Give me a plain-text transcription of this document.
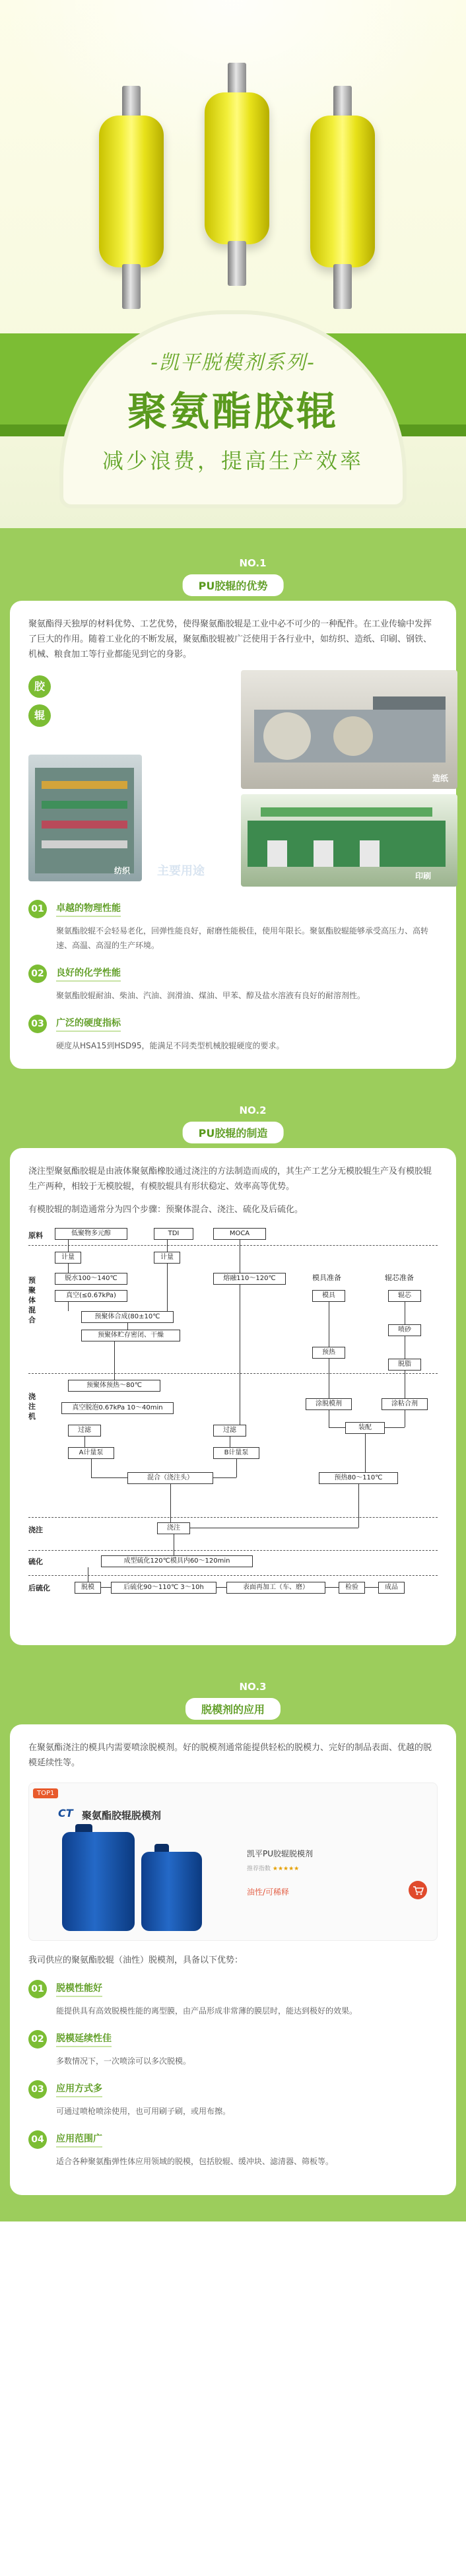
-凯平脱模剂系列-
聚氨酯胶辊
减少浪费，提高生产效率
NO.1
PU胶辊的优势
聚氨酯得天独厚的材料优势、工艺优势，使得聚氨酯胶辊是工业中必不可少的一种配件。在工业传输中发挥了巨大的作用。随着工业化的不断发展，聚氨酯胶辊被广泛使用于各行业中，如纺织、造纸、印刷、钢铁、机械、粮食加工等行业都能见到它的身影。
胶
辊
纺织
造纸
印刷
主要用途
01	卓越的物理性能
聚氨酯胶辊不会轻易老化，回弹性能良好，耐磨性能极佳，使用年限长。聚氨酯胶辊能够承受高压力、高转速、高温、高湿的生产环境。
02	良好的化学性能
聚氨酯胶辊耐油、柴油、汽油、润滑油、煤油、甲苯、醇及盐水溶液有良好的耐溶剂性。
03	广泛的硬度指标
硬度从HSA15到HSD95，能满足不同类型机械胶辊硬度的要求。
NO.2
PU胶辊的制造
浇注型聚氨酯胶辊是由液体聚氨酯橡胶通过浇注的方法制造而成的，其生产工艺分无模胶辊生产及有模胶辊生产两种，相较于无模胶辊，有模胶辊具有形状稳定、效率高等优势。
有模胶辊的制造通常分为四个步骤：预聚体混合、浇注、硫化及后硫化。
原料
预聚体混合
浇注机
浇注
硫化
后硫化
低聚物多元醇	TDI	MOCA
计量	计量
脱水100～140℃
真空(≤0.67kPa)
预聚体合成(80±10℃
预聚体贮存密闭、干燥
熔融110～120℃	模具准备	辊芯准备
模具
预热
涂脱模剂
辊芯
喷砂
脱脂
涂粘合剂
装配
预热80～110℃
预聚体预热～80℃
真空脱泡0.67kPa 10～40min
过滤
A计量泵
过滤
B计量泵
混合（浇注头）
浇注
成型硫化120℃模具内60～120min
脱模	后硫化90～110℃ 3～10h	表面再加工（车、磨）	检验	成品
NO.3
脱模剂的应用
在聚氨酯浇注的模具内需要喷涂脱模剂。好的脱模剂通常能提供轻松的脱模力、完好的制品表面、优越的脱模延续性等。
TOP1
CT 聚氨酯胶辊脱模剂
凯平PU胶辊脱模剂
推荐指数 ★★★★★
油性/可稀释
我司供应的聚氨酯胶辊（油性）脱模剂，具备以下优势：
01	脱模性能好
能提供具有高效脱模性能的离型膜，由产品形成非常薄的膜层时，能达到极好的效果。
02	脱模延续性佳
多数情况下，一次喷涂可以多次脱模。
03	应用方式多
可通过喷枪喷涂使用，也可用刷子刷，或用布擦。
04	应用范围广
适合各种聚氨酯弹性体应用领域的脱模，包括胶辊、缓冲块、滤清器、筛板等。
